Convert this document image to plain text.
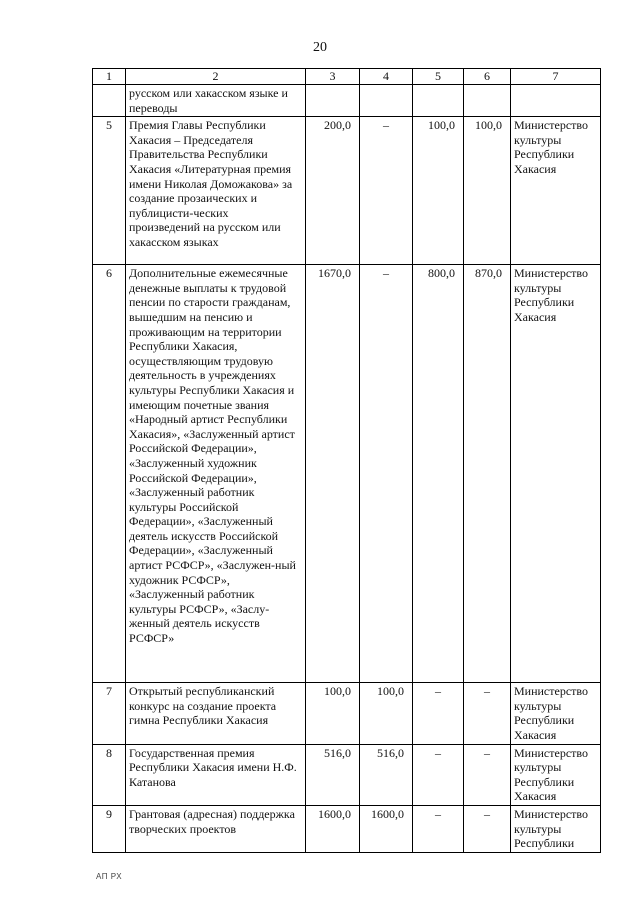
20
1	2	3	4	5	6	7
	русском или хакасском языке и переводы					
5	Премия Главы Республики Хакасия – Председателя Правительства Республики Хакасия «Литературная премия имени Николая Доможакова» за создание прозаических и публицисти-ческих произведений на русском или хакасском языках	200,0	–	100,0	100,0	Министерство культуры Республики Хакасия
6	Дополнительные ежемесячные денежные выплаты к трудовой пенсии по старости гражданам, вышедшим на пенсию и проживающим на территории Республики Хакасия, осуществляющим трудовую деятельность в учреждениях культуры Республики Хакасия и имеющим почетные звания «Народный артист Республики Хакасия», «Заслуженный артист Российской Федерации», «Заслуженный художник Российской Федерации», «Заслуженный работник культуры Российской Федерации», «Заслуженный деятель искусств Российской Федерации», «Заслуженный артист РСФСР», «Заслужен-ный художник РСФСР», «Заслуженный работник культуры РСФСР», «Заслу-женный деятель искусств РСФСР»	1670,0	–	800,0	870,0	Министерство культуры Республики Хакасия
7	Открытый республиканский конкурс на создание проекта гимна Республики Хакасия	100,0	100,0	–	–	Министерство культуры Республики Хакасия
8	Государственная премия Республики Хакасия имени Н.Ф. Катанова	516,0	516,0	–	–	Министерство культуры Республики Хакасия
9	Грантовая (адресная) поддержка творческих проектов	1600,0	1600,0	–	–	Министерство культуры Республики
АП РХ
